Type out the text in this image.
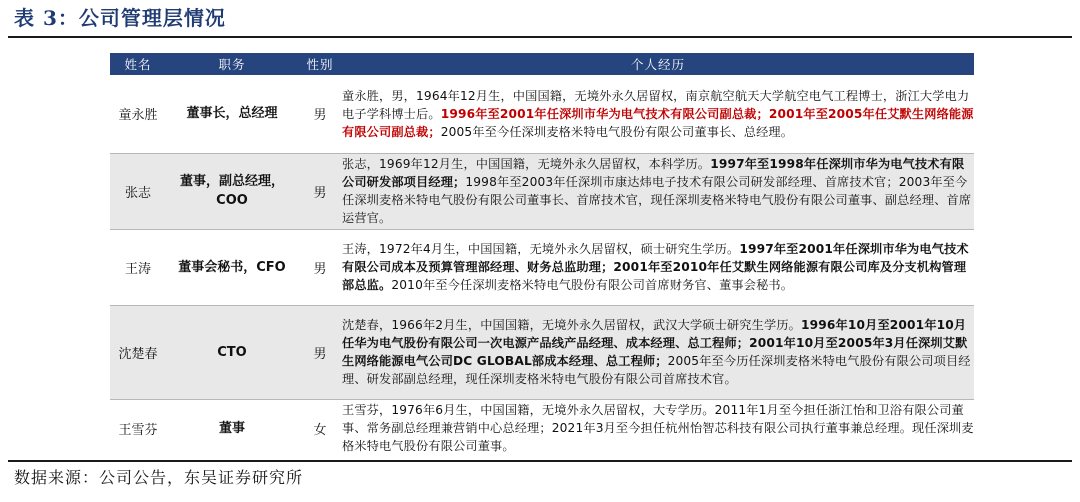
表 3：公司管理层情况
姓名	职务	性别	个人经历
童永胜	董事长，总经理	男	童永胜，男，1964年12月生，中国国籍，无境外永久居留权，南京航空航天大学航空电气工程博士，浙江大学电力电子学科博士后。1996年至2001年任深圳市华为电气技术有限公司副总裁；2001年至2005年任艾默生网络能源有限公司副总裁；2005年至今任深圳麦格米特电气股份有限公司董事长、总经理。
张志	董事，副总经理，COO	男	张志，1969年12月生，中国国籍，无境外永久居留权，本科学历。1997年至1998年任深圳市华为电气技术有限公司研发部项目经理；1998年至2003年任深圳市康达炜电子技术有限公司研发部经理、首席技术官；2003年至今任深圳麦格米特电气股份有限公司董事长、首席技术官，现任深圳麦格米特电气股份有限公司董事、副总经理、首席运营官。
王涛	董事会秘书，CFO	男	王涛，1972年4月生，中国国籍，无境外永久居留权，硕士研究生学历。1997年至2001年任深圳市华为电气技术有限公司成本及预算管理部经理、财务总监助理；2001年至2010年任艾默生网络能源有限公司库及分支机构管理部总监。2010年至今任深圳麦格米特电气股份有限公司首席财务官、董事会秘书。
沈楚春	CTO	男	沈楚春，1966年2月生，中国国籍，无境外永久居留权，武汉大学硕士研究生学历。1996年10月至2001年10月任华为电气股份有限公司一次电源产品线产品经理、成本经理、总工程师；2001年10月至2005年3月任深圳艾默生网络能源电气公司DC GLOBAL部成本经理、总工程师；2005年至今历任深圳麦格米特电气股份有限公司项目经理、研发部副总经理，现任深圳麦格米特电气股份有限公司首席技术官。
王雪芬	董事	女	王雪芬，1976年6月生，中国国籍，无境外永久居留权，大专学历。2011年1月至今担任浙江怡和卫浴有限公司董事、常务副总经理兼营销中心总经理；2021年3月至今担任杭州怡智芯科技有限公司执行董事兼总经理。现任深圳麦格米特电气股份有限公司董事。
数据来源：公司公告，东吴证券研究所
